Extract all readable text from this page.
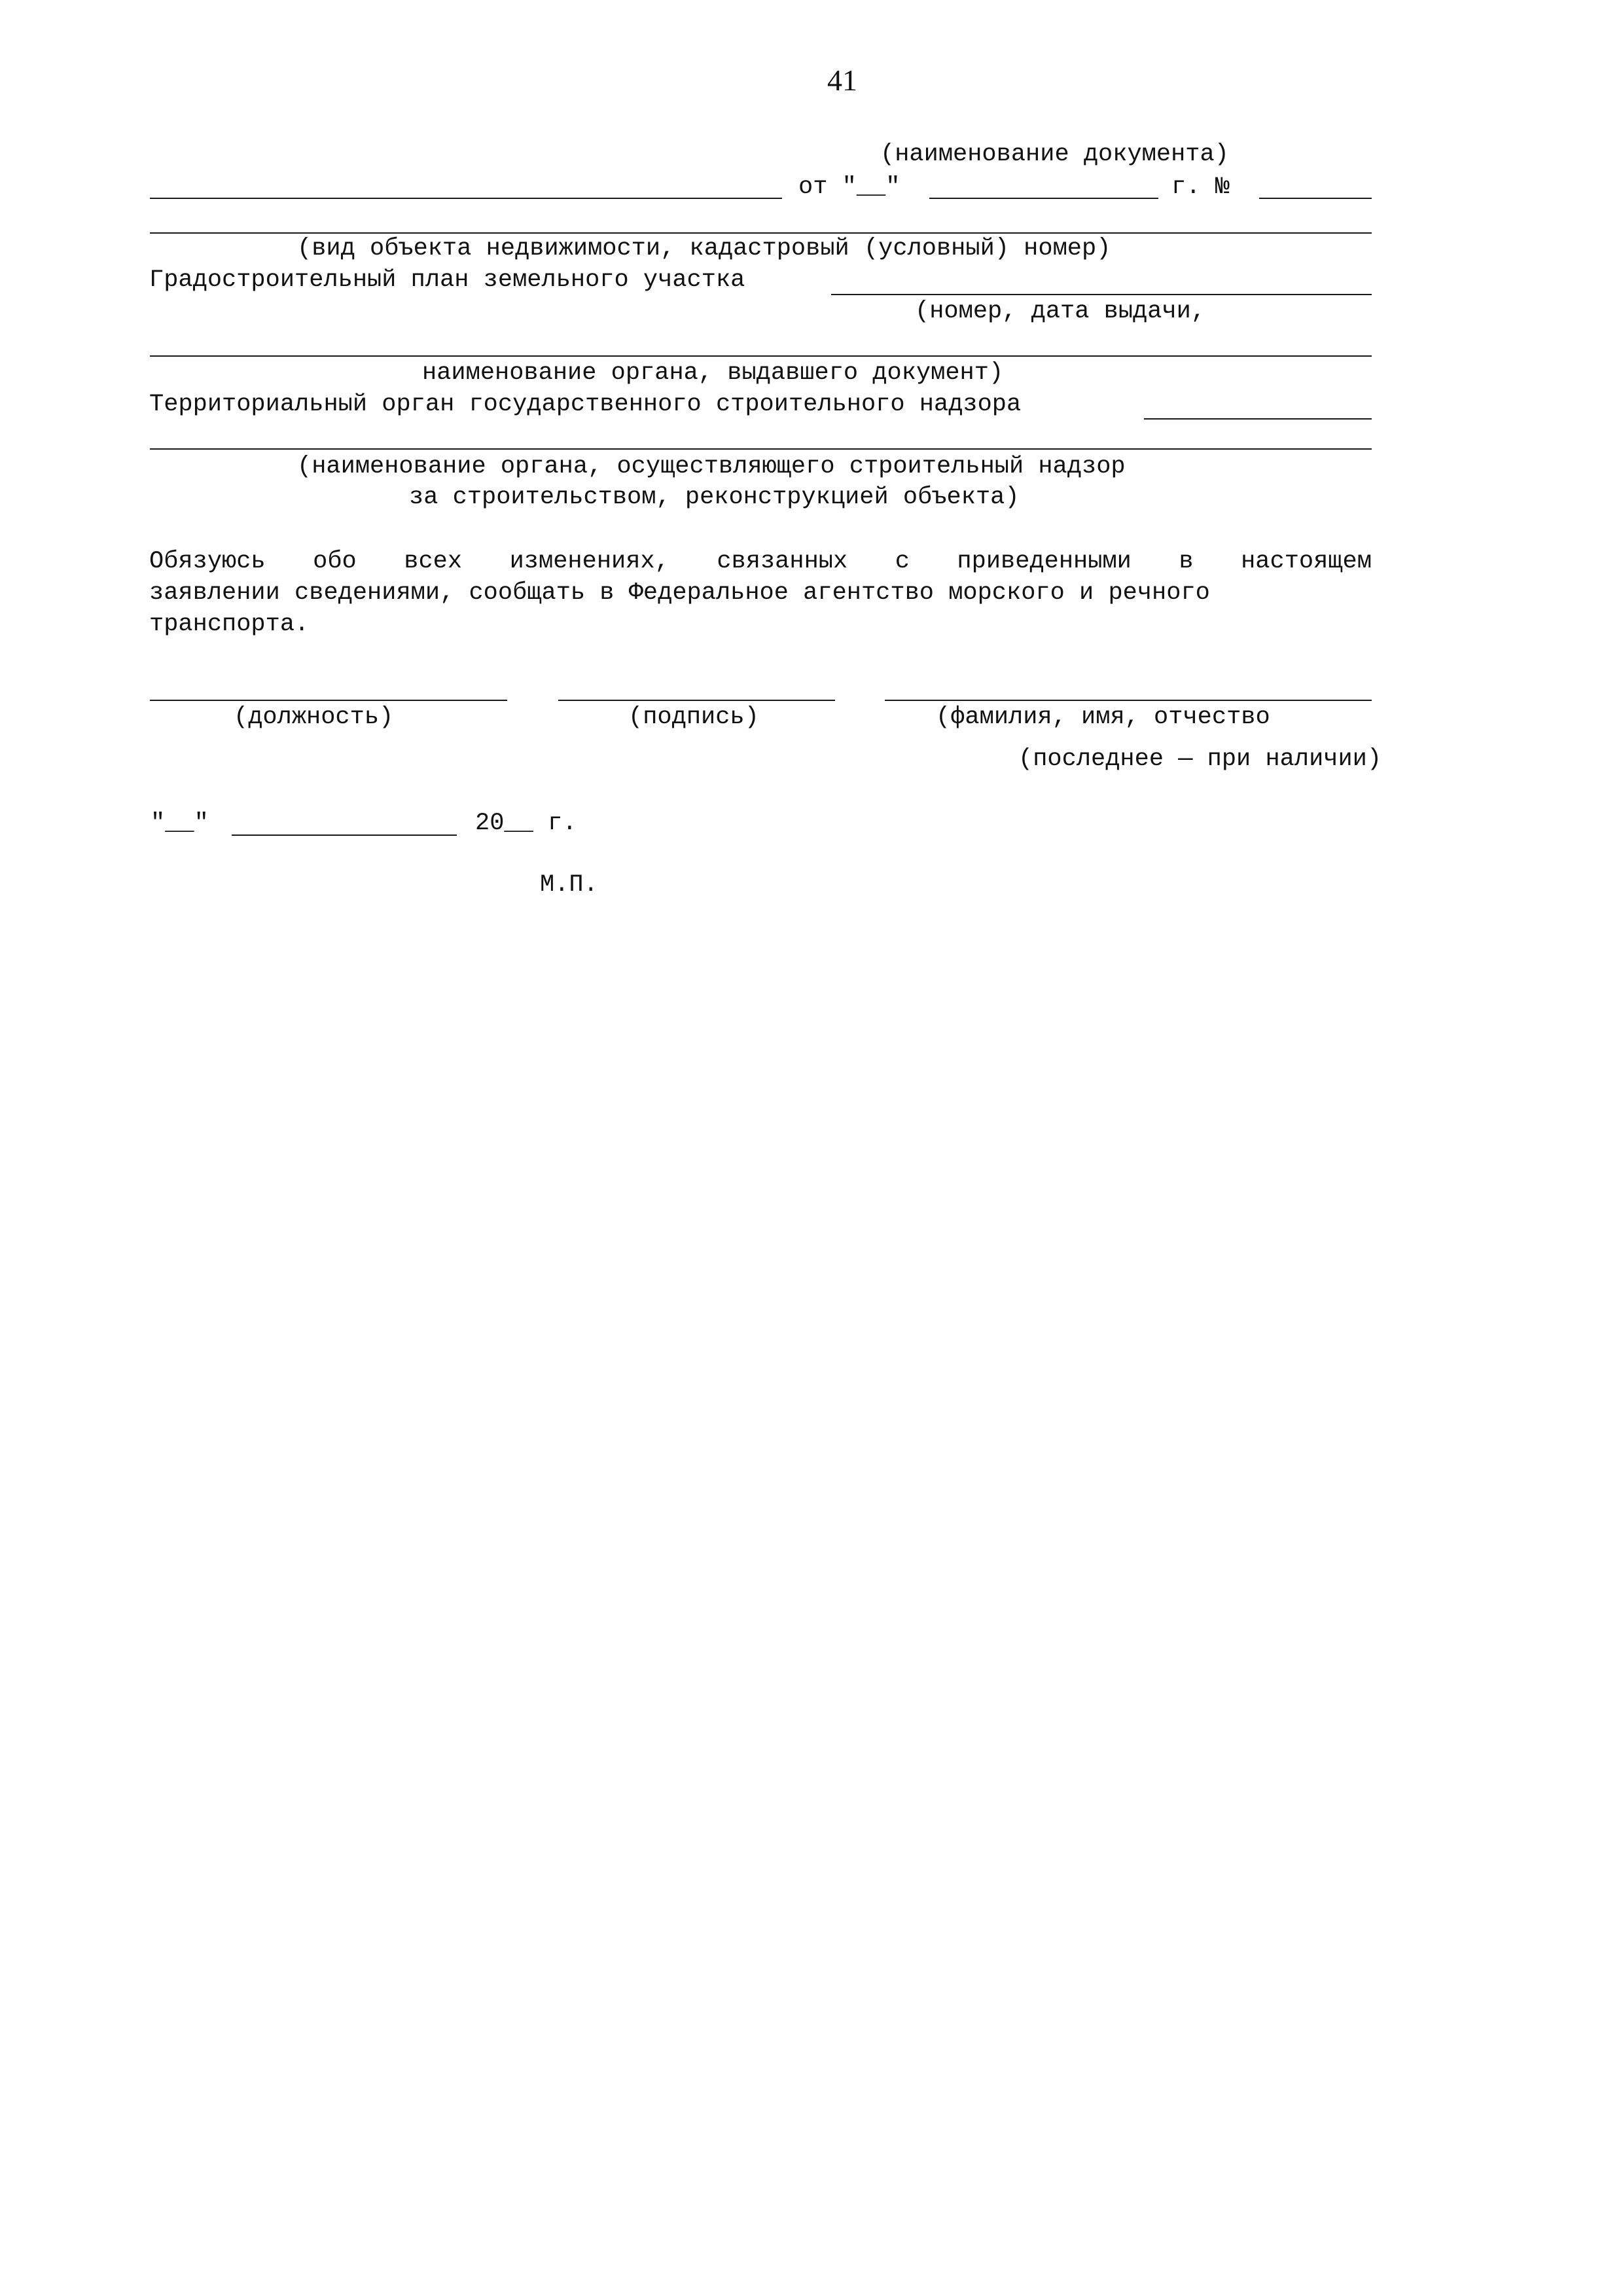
41
(наименование документа)
от "__"	г. №
(вид объекта недвижимости, кадастровый (условный) номер)
Градостроительный план земельного участка
(номер, дата выдачи,
наименование органа, выдавшего документ)
Территориальный орган государственного строительного надзора
(наименование органа, осуществляющего строительный надзор
за строительством, реконструкцией объекта)
Обязуюсь обо всех изменениях, связанных с приведенными в настоящем
заявлении сведениями, сообщать в Федеральное агентство морского и речного
транспорта.
(должность)	(подпись)	(фамилия, имя, отчество
(последнее — при наличии)
"__"	20__ г.
М.П.
